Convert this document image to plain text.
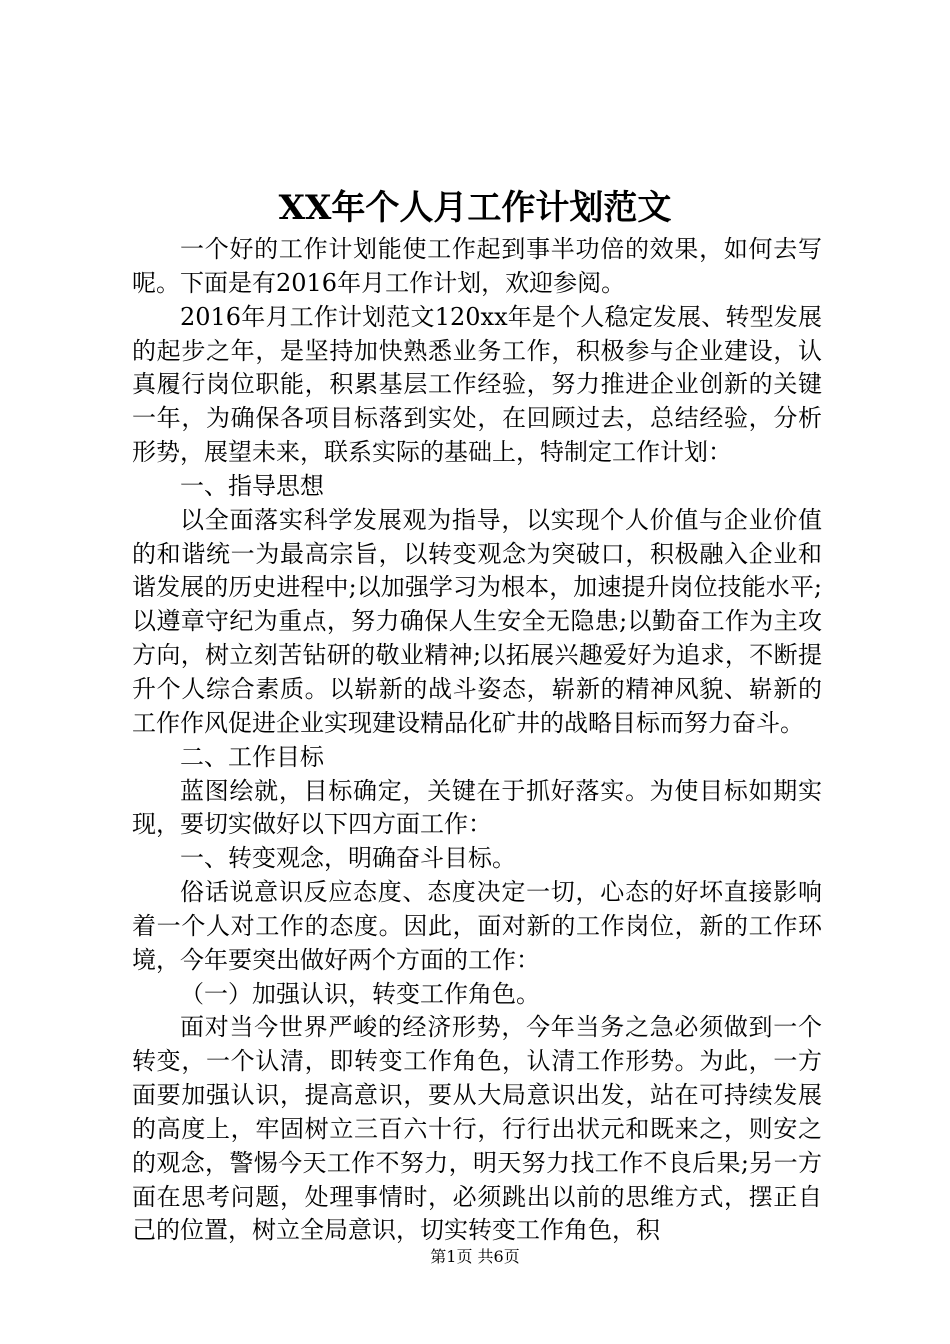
XX年个人月工作计划范文

一个好的工作计划能使工作起到事半功倍的效果，如何去写呢。下面是有2016年月工作计划，欢迎参阅。

2016年月工作计划范文120xx年是个人稳定发展、转型发展的起步之年，是坚持加快熟悉业务工作，积极参与企业建设，认真履行岗位职能，积累基层工作经验，努力推进企业创新的关键一年，为确保各项目标落到实处，在回顾过去，总结经验，分析形势，展望未来，联系实际的基础上，特制定工作计划：

一、指导思想

以全面落实科学发展观为指导，以实现个人价值与企业价值的和谐统一为最高宗旨，以转变观念为突破口，积极融入企业和谐发展的历史进程中;以加强学习为根本，加速提升岗位技能水平;以遵章守纪为重点，努力确保人生安全无隐患;以勤奋工作为主攻方向，树立刻苦钻研的敬业精神;以拓展兴趣爱好为追求，不断提升个人综合素质。以崭新的战斗姿态，崭新的精神风貌、崭新的工作作风促进企业实现建设精品化矿井的战略目标而努力奋斗。

二、工作目标

蓝图绘就，目标确定，关键在于抓好落实。为使目标如期实现，要切实做好以下四方面工作：

一、转变观念，明确奋斗目标。

俗话说意识反应态度、态度决定一切，心态的好坏直接影响着一个人对工作的态度。因此，面对新的工作岗位，新的工作环境，今年要突出做好两个方面的工作：

（一）加强认识，转变工作角色。

面对当今世界严峻的经济形势，今年当务之急必须做到一个转变，一个认清，即转变工作角色，认清工作形势。为此，一方面要加强认识，提高意识，要从大局意识出发，站在可持续发展的高度上，牢固树立三百六十行，行行出状元和既来之，则安之的观念，警惕今天工作不努力，明天努力找工作不良后果;另一方面在思考问题，处理事情时，必须跳出以前的思维方式，摆正自己的位置，树立全局意识，切实转变工作角色，积

第1页 共6页
